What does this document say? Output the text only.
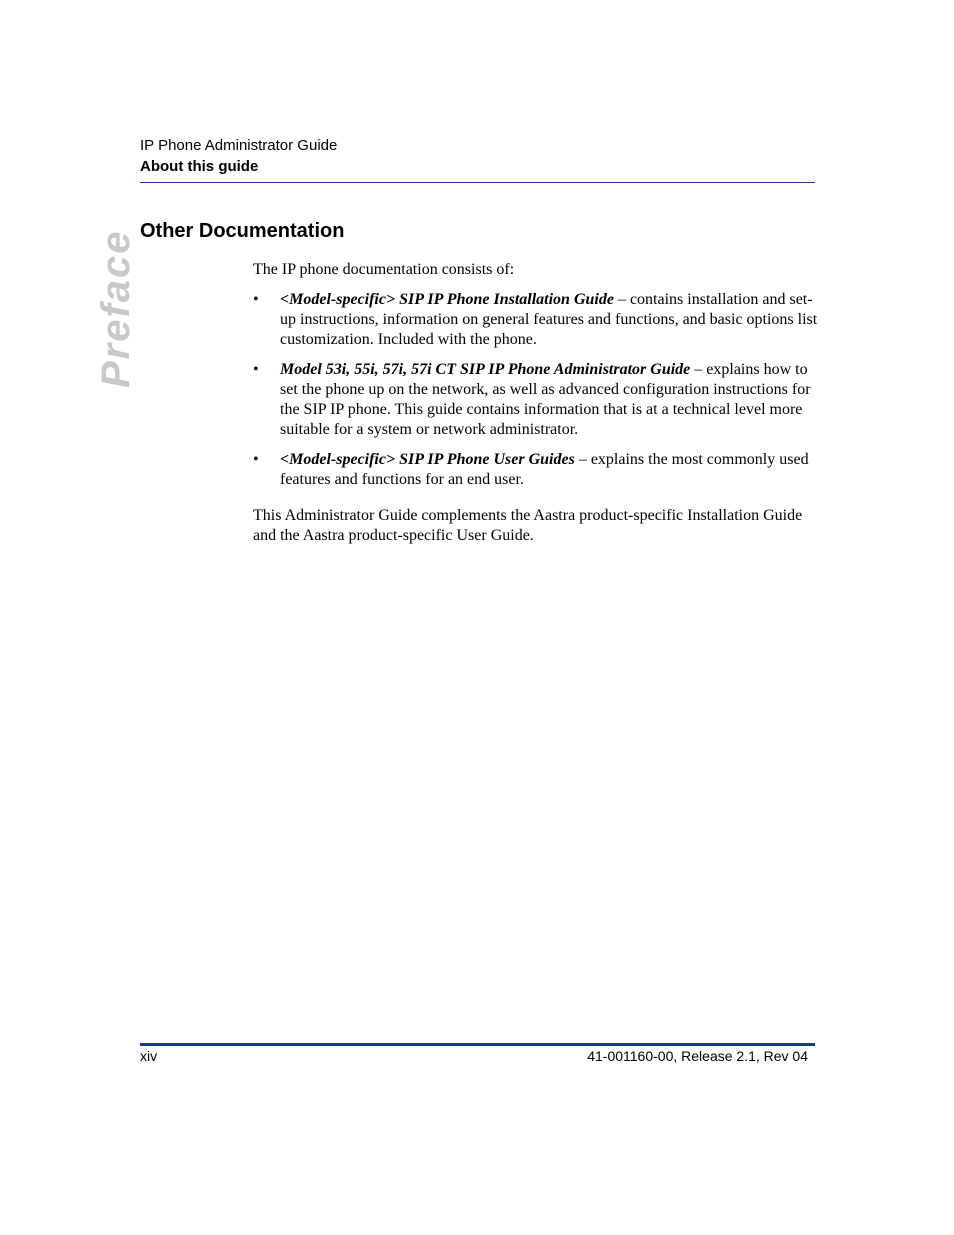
IP Phone Administrator Guide
About this guide
Preface Other Documentation

The IP phone documentation consists of:

• <Model-specific> SIP IP Phone Installation Guide – contains installation and set-up instructions, information on general features and functions, and basic options list customization. Included with the phone.
• Model 53i, 55i, 57i, 57i CT SIP IP Phone Administrator Guide – explains how to set the phone up on the network, as well as advanced configuration instructions for the SIP IP phone. This guide contains information that is at a technical level more suitable for a system or network administrator.
• <Model-specific> SIP IP Phone User Guides – explains the most commonly used features and functions for an end user.

This Administrator Guide complements the Aastra product-specific Installation Guide and the Aastra product-specific User Guide.

xiv	41-001160-00, Release 2.1, Rev 04
